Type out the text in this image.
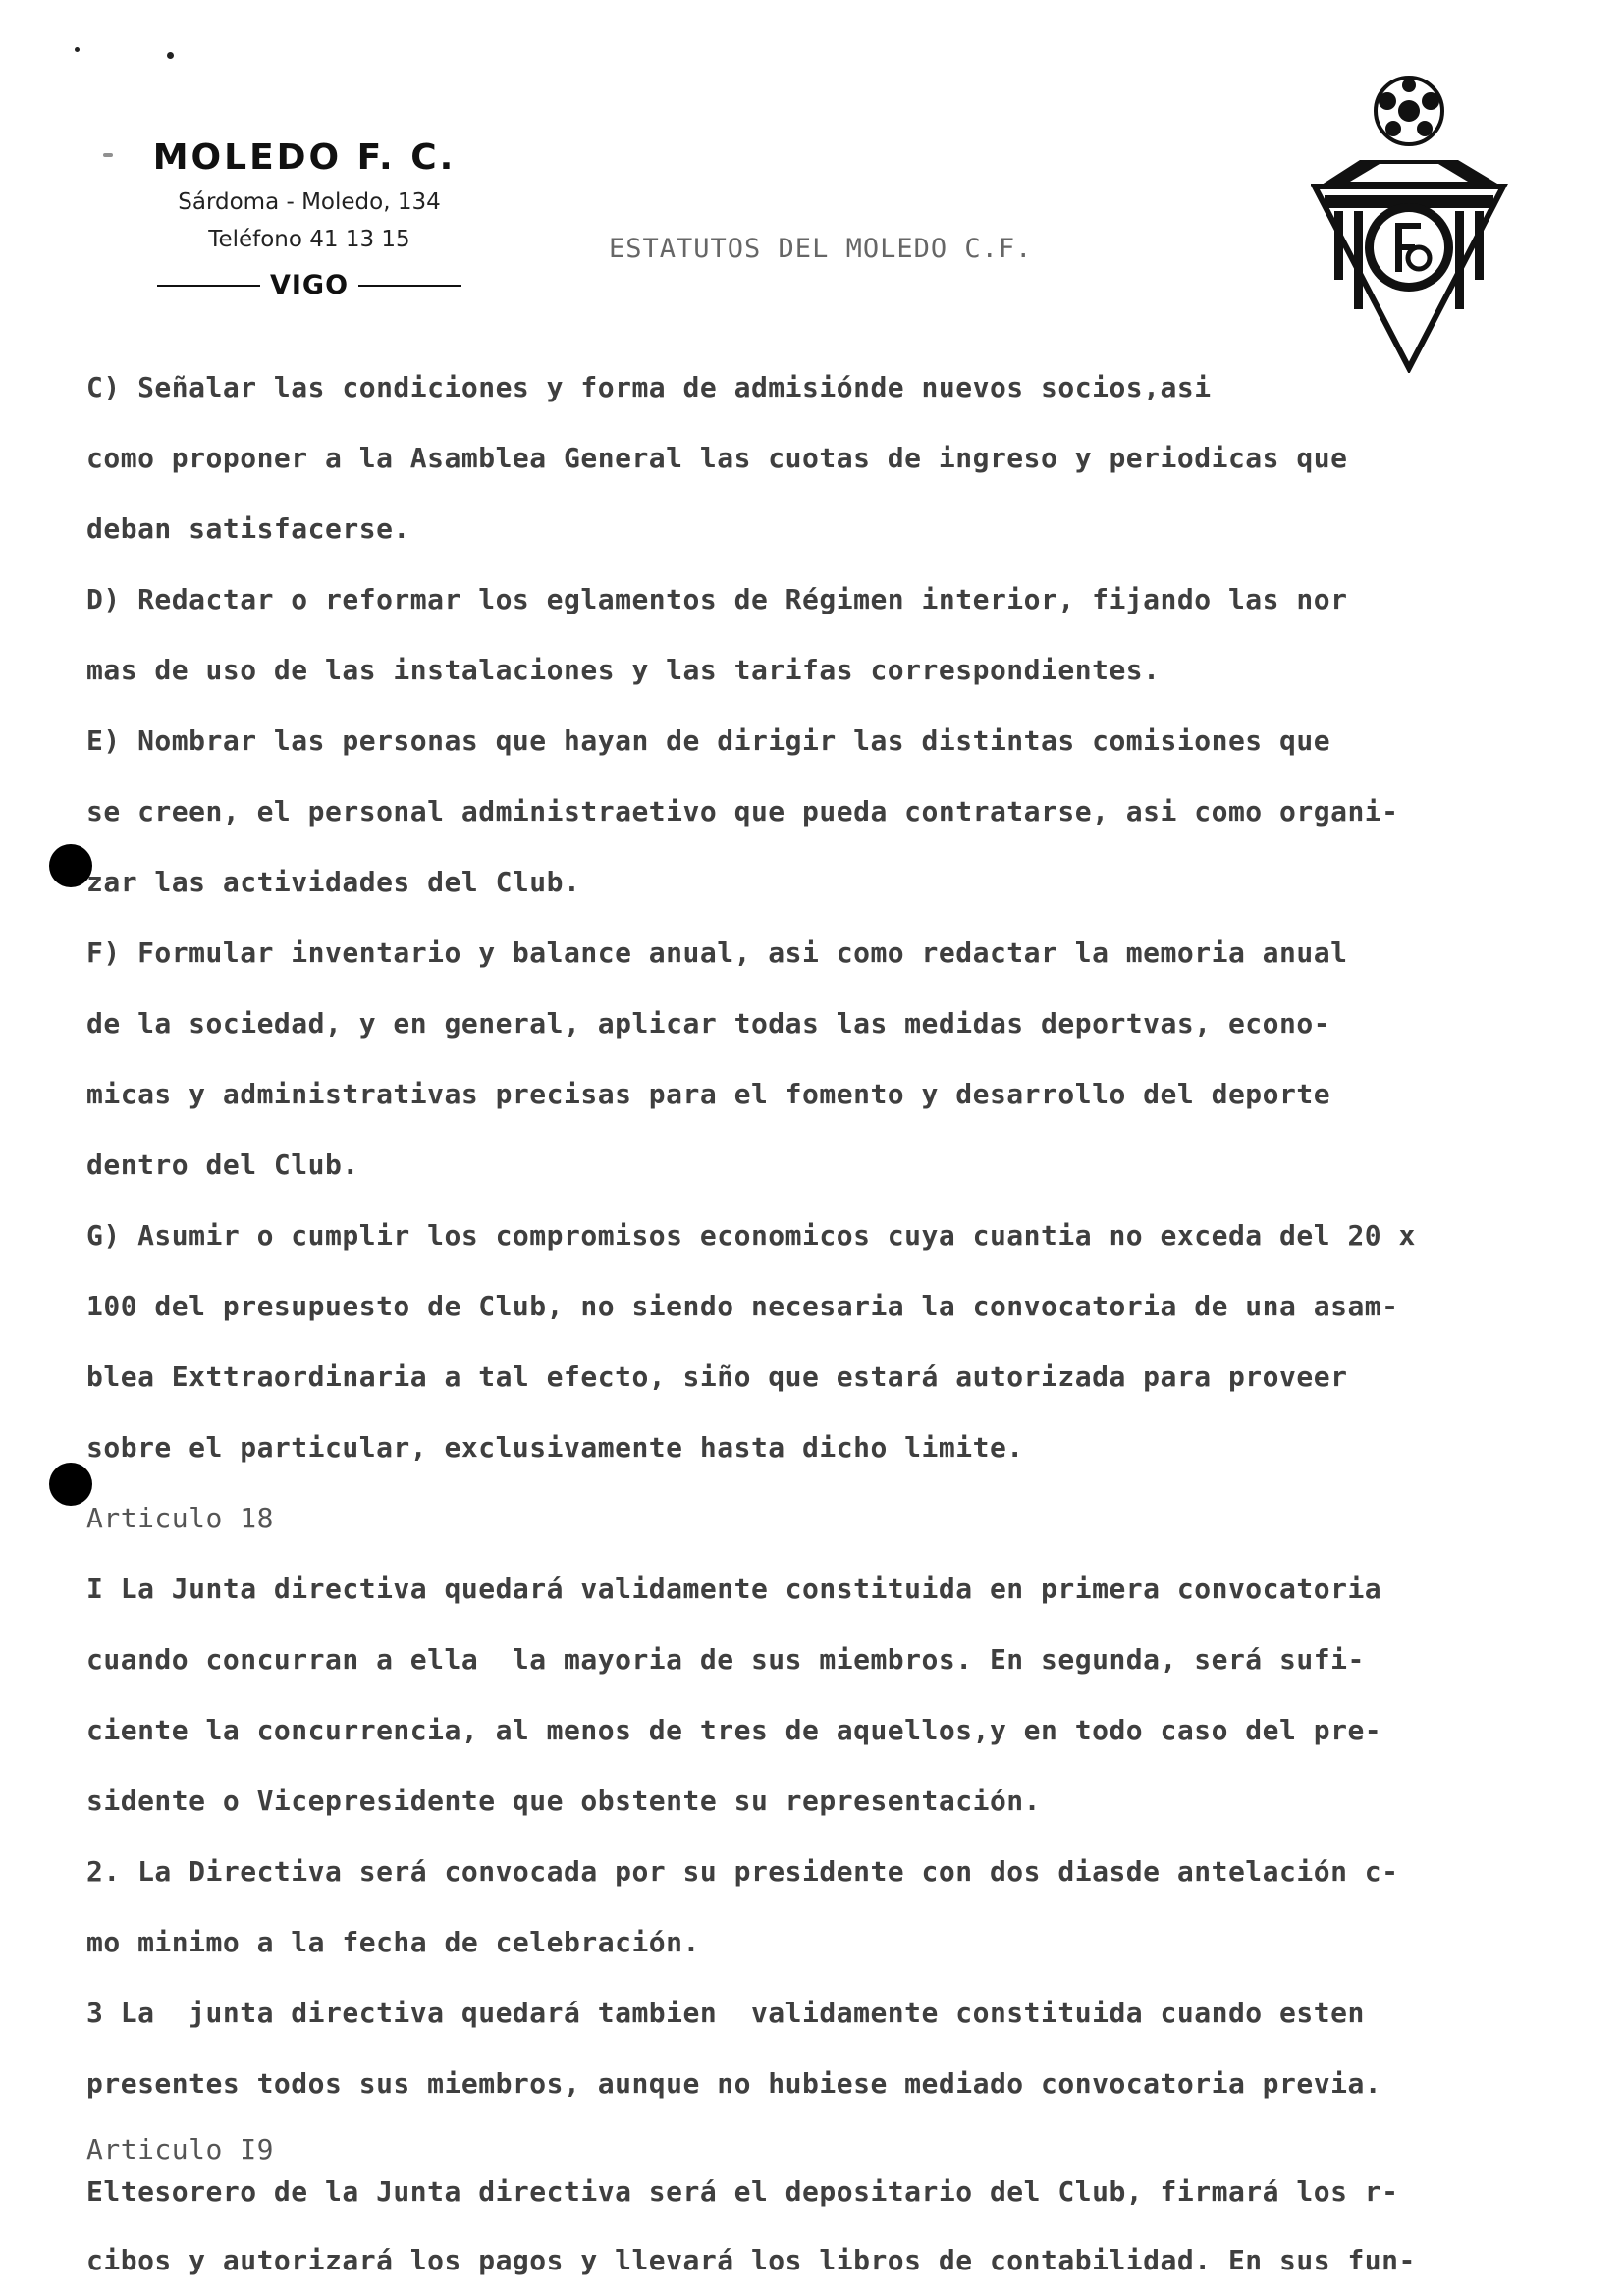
MOLEDO F. C.
Sárdoma - Moledo, 134
Teléfono 41 13 15
VIGO
ESTATUTOS DEL MOLEDO C.F.
C) Señalar las condiciones y forma de admisiónde nuevos socios,asi
como proponer a la Asamblea General las cuotas de ingreso y periodicas que
deban satisfacerse.
D) Redactar o reformar los eglamentos de Régimen interior, fijando las nor
mas de uso de las instalaciones y las tarifas correspondientes.
E) Nombrar las personas que hayan de dirigir las distintas comisiones que
se creen, el personal administraetivo que pueda contratarse, asi como organi-
zar las actividades del Club.
F) Formular inventario y balance anual, asi como redactar la memoria anual
de la sociedad, y en general, aplicar todas las medidas deportvas, econo-
micas y administrativas precisas para el fomento y desarrollo del deporte
dentro del Club.
G) Asumir o cumplir los compromisos economicos cuya cuantia no exceda del 20 x
100 del presupuesto de Club, no siendo necesaria la convocatoria de una asam-
blea Exttraordinaria a tal efecto, siño que estará autorizada para proveer
sobre el particular, exclusivamente hasta dicho limite.
Articulo 18
I La Junta directiva quedará validamente constituida en primera convocatoria
cuando concurran a ella  la mayoria de sus miembros. En segunda, será sufi-
ciente la concurrencia, al menos de tres de aquellos,y en todo caso del pre-
sidente o Vicepresidente que obstente su representación.
2. La Directiva será convocada por su presidente con dos diasde antelación c-
mo minimo a la fecha de celebración.
3 La  junta directiva quedará tambien  validamente constituida cuando esten
presentes todos sus miembros, aunque no hubiese mediado convocatoria previa.
Articulo I9
Eltesorero de la Junta directiva será el depositario del Club, firmará los r-
cibos y autorizará los pagos y llevará los libros de contabilidad. En sus fun-
